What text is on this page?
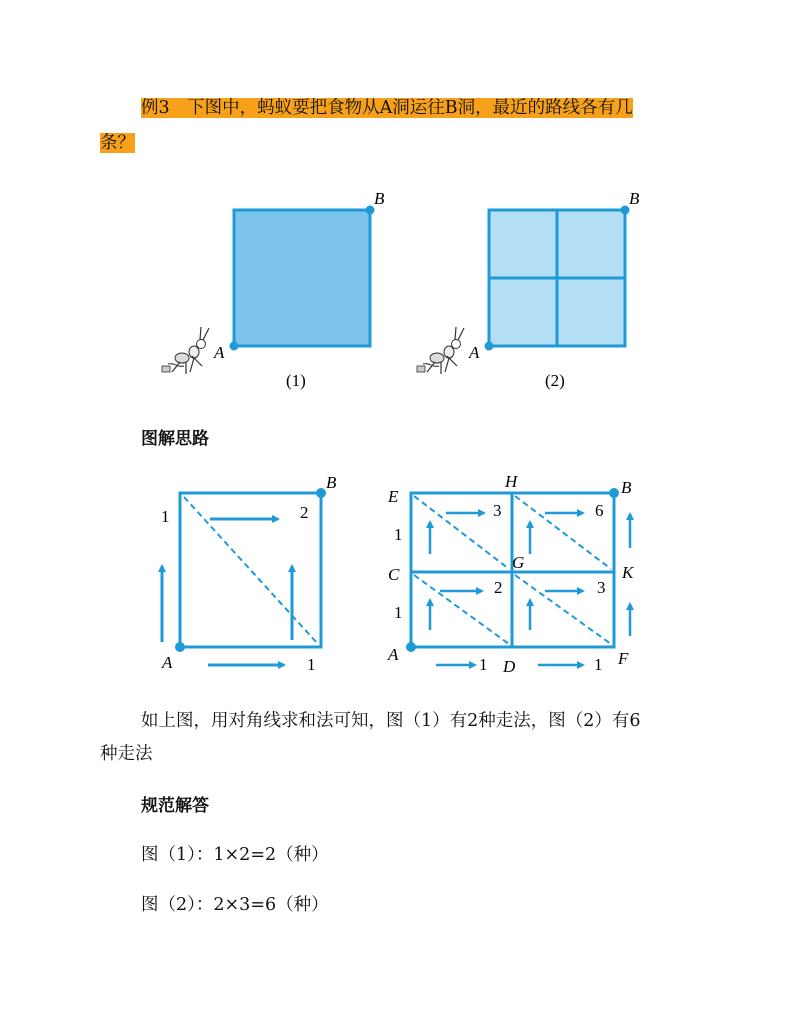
例3　下图中，蚂蚁要把食物从A洞运往B洞，最近的路线各有几
条？
B
A
(1)
B
A
(2)
图解思路
B
A
1	2
1
E
H	B
C
G
K
A
D	F
1
1
1	1
2	3
3	6
如上图，用对角线求和法可知，图（1）有2种走法，图（2）有6
种走法
规范解答
图（1）：1×2=2（种）
图（2）：2×3=6（种）
